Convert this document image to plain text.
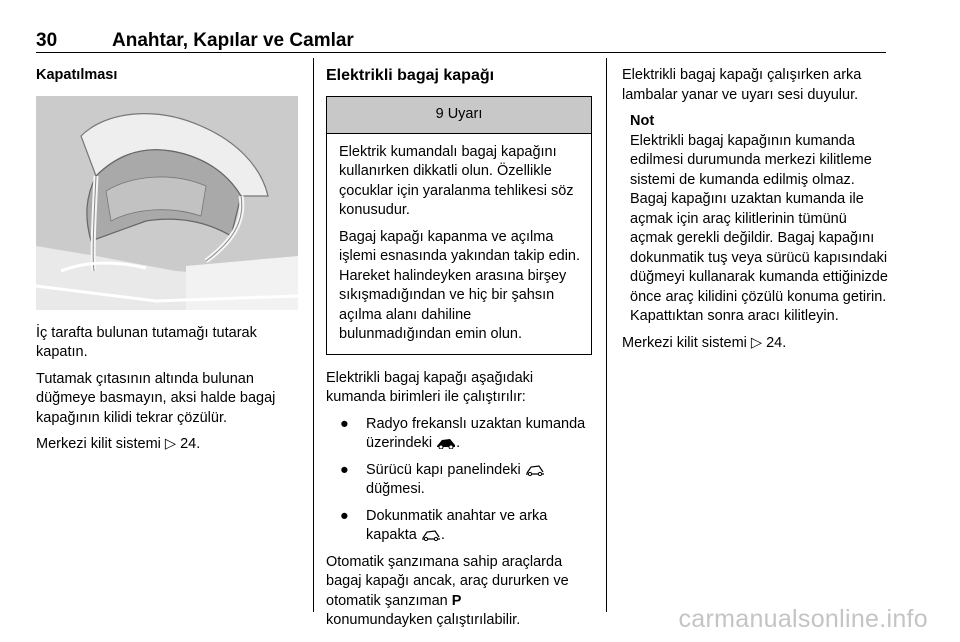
30	Anahtar, Kapılar ve Camlar
Kapatılması

İç tarafta bulunan tutamağı tutarak kapatın.

Tutamak çıtasının altında bulunan düğmeye basmayın, aksi halde bagaj kapağının kilidi tekrar çözülür.

Merkezi kilit sistemi ▷ 24.

Elektrikli bagaj kapağı
9 Uyarı

Elektrik kumandalı bagaj kapağını kullanırken dikkatli olun. Özellikle çocuklar için yaralanma tehlikesi söz konusudur.

Bagaj kapağı kapanma ve açılma işlemi esnasında yakından takip edin. Hareket halindeyken arasına birşey sıkışmadığından ve hiç bir şahsın açılma alanı dahiline bulunmadığından emin olun.

Elektrikli bagaj kapağı aşağıdaki kumanda birimleri ile çalıştırılır:

● Radyo frekanslı uzaktan kumanda üzerindeki .
● Sürücü kapı panelindeki
düğmesi.
● Dokunmatik anahtar ve arka kapakta .

Otomatik şanzımana sahip araçlarda bagaj kapağı ancak, araç dururken ve otomatik şanzıman P
konumundayken çalıştırılabilir.

Elektrikli bagaj kapağı çalışırken arka lambalar yanar ve uyarı sesi duyulur.

Not
Elektrikli bagaj kapağının kumanda edilmesi durumunda merkezi kilitleme sistemi de kumanda edilmiş olmaz. Bagaj kapağını uzaktan kumanda ile açmak için araç kilitlerinin tümünü açmak gerekli değildir. Bagaj kapağını dokunmatik tuş veya sürücü kapısındaki düğmeyi kullanarak kumanda ettiğinizde önce araç kilidini çözülü konuma getirin. Kapattıktan sonra aracı kilitleyin.

Merkezi kilit sistemi ▷ 24.

carmanualsonline.info
